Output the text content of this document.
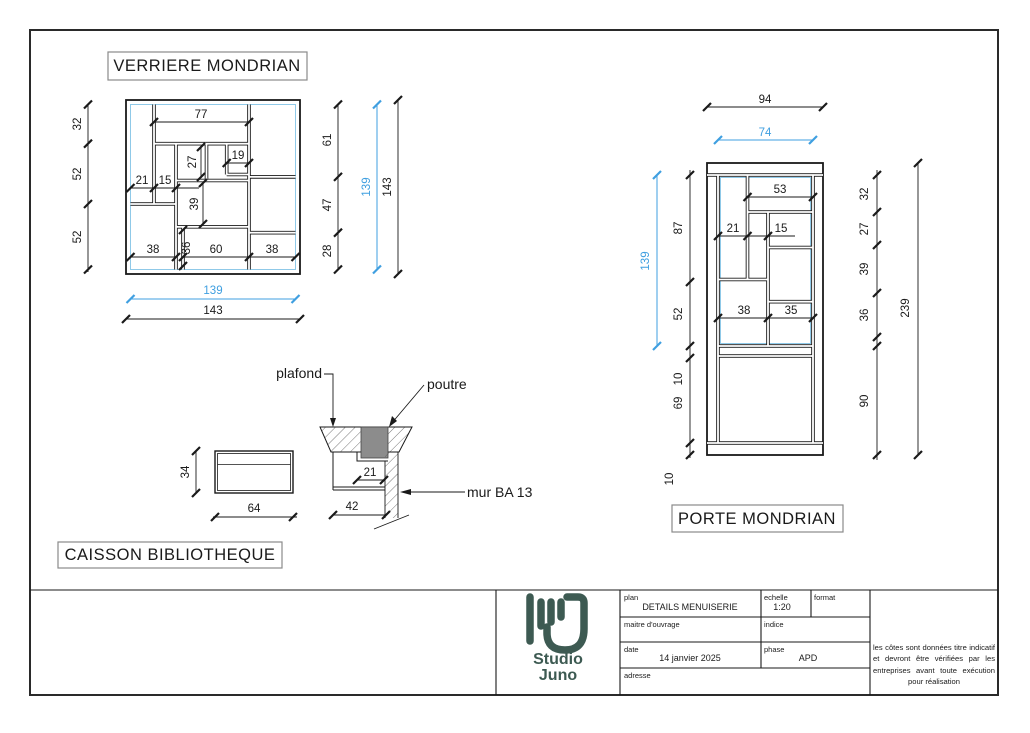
VERRIERE MONDRIAN
77
19
27
21 15
39
38 36 60	38
32
52
52
61
47
28
139 143
139
143
PORTE MONDRIAN
94
74
53
21	15
38	35
139
87
52
10
69
10
32
27
39
36
90
239
CAISSON BIBLIOTHEQUE
34
64
21
42
plafond
poutre
mur BA 13
Studio
Juno
plan
DETAILS MENUISERIE
echelle
1:20
format
maitre d'ouvrage	indice
date
14 janvier 2025
phase
APD
adresse
les côtes sont données titre indicatif et devront être vérifiées par les entreprises avant toute exécution pour réalisation
